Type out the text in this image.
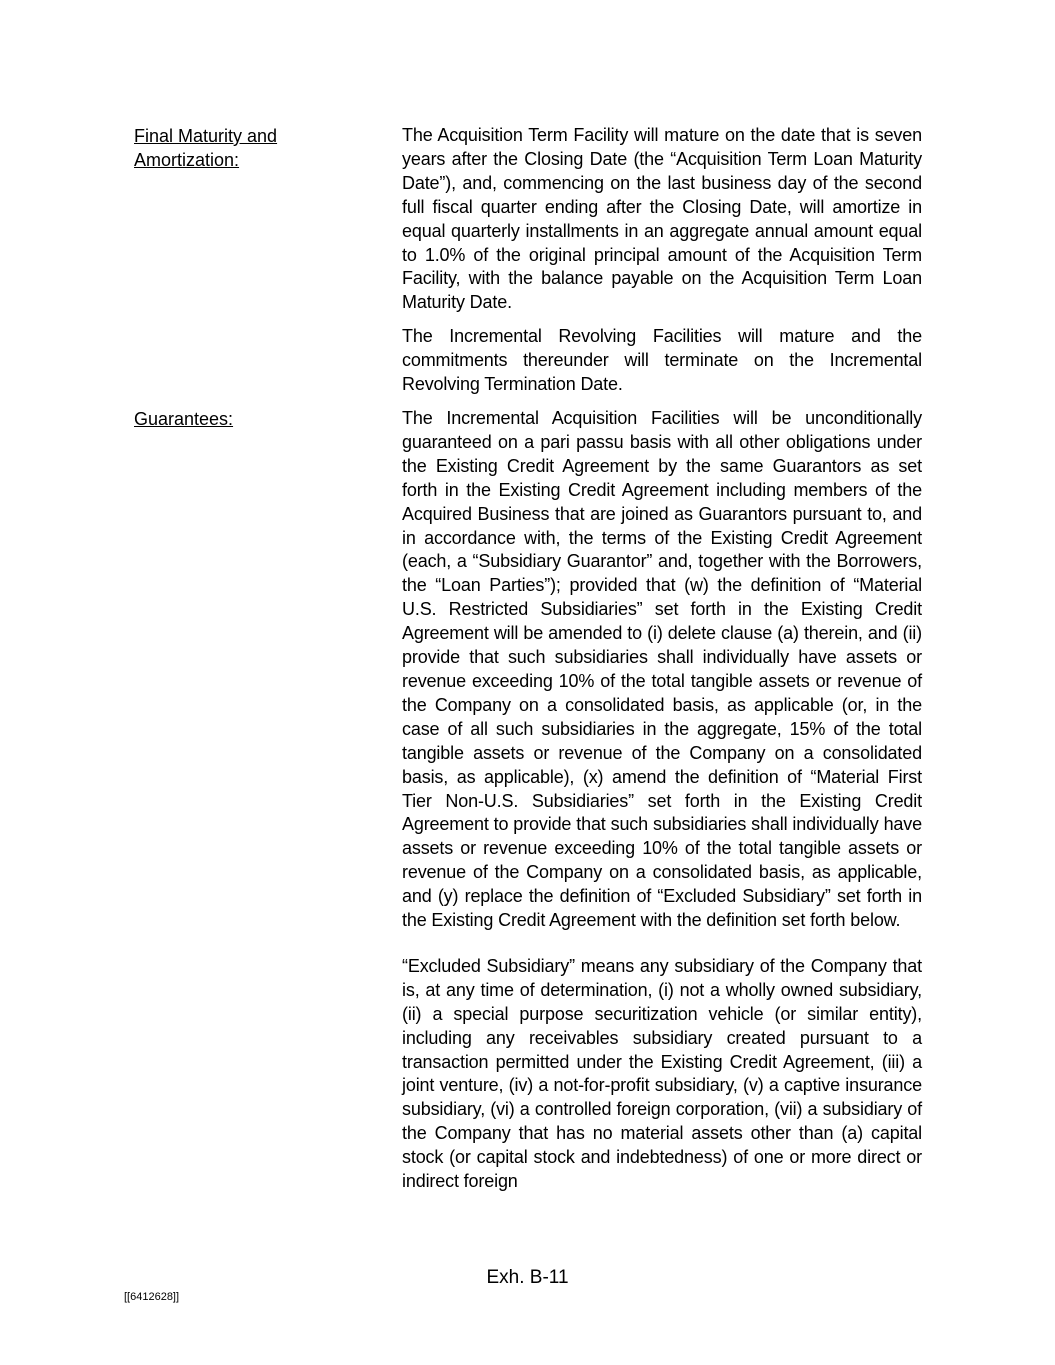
Final Maturity and Amortization:

The Acquisition Term Facility will mature on the date that is seven years after the Closing Date (the “Acquisition Term Loan Maturity Date”), and, commencing on the last business day of the second full fiscal quarter ending after the Closing Date, will amortize in equal quarterly installments in an aggregate annual amount equal to 1.0% of the original principal amount of the Acquisition Term Facility, with the balance payable on the Acquisition Term Loan Maturity Date.

The Incremental Revolving Facilities will mature and the commitments thereunder will terminate on the Incremental Revolving Termination Date.

Guarantees:	The Incremental Acquisition Facilities will be unconditionally guaranteed on a pari passu basis with all other obligations under the Existing Credit Agreement by the same Guarantors as set forth in the Existing Credit Agreement including members of the Acquired Business that are joined as Guarantors pursuant to, and in accordance with, the terms of the Existing Credit Agreement (each, a “Subsidiary Guarantor” and, together with the Borrowers, the “Loan Parties”); provided that (w) the definition of “Material U.S. Restricted Subsidiaries” set forth in the Existing Credit Agreement will be amended to (i) delete clause (a) therein, and (ii) provide that such subsidiaries shall individually have assets or revenue exceeding 10% of the total tangible assets or revenue of the Company on a consolidated basis, as applicable (or, in the case of all such subsidiaries in the aggregate, 15% of the total tangible assets or revenue of the Company on a consolidated basis, as applicable), (x) amend the definition of “Material First Tier Non-U.S. Subsidiaries” set forth in the Existing Credit Agreement to provide that such subsidiaries shall individually have assets or revenue exceeding 10% of the total tangible assets or revenue of the Company on a consolidated basis, as applicable, and (y) replace the definition of “Excluded Subsidiary” set forth in the Existing Credit Agreement with the definition set forth below.

“Excluded Subsidiary” means any subsidiary of the Company that is, at any time of determination, (i) not a wholly owned subsidiary, (ii) a special purpose securitization vehicle (or similar entity), including any receivables subsidiary created pursuant to a transaction permitted under the Existing Credit Agreement, (iii) a joint venture, (iv) a not-for-profit subsidiary, (v) a captive insurance subsidiary, (vi) a controlled foreign corporation, (vii) a subsidiary of the Company that has no material assets other than (a) capital stock (or capital stock and indebtedness) of one or more direct or indirect foreign

Exh. B-11
[[6412628]]
